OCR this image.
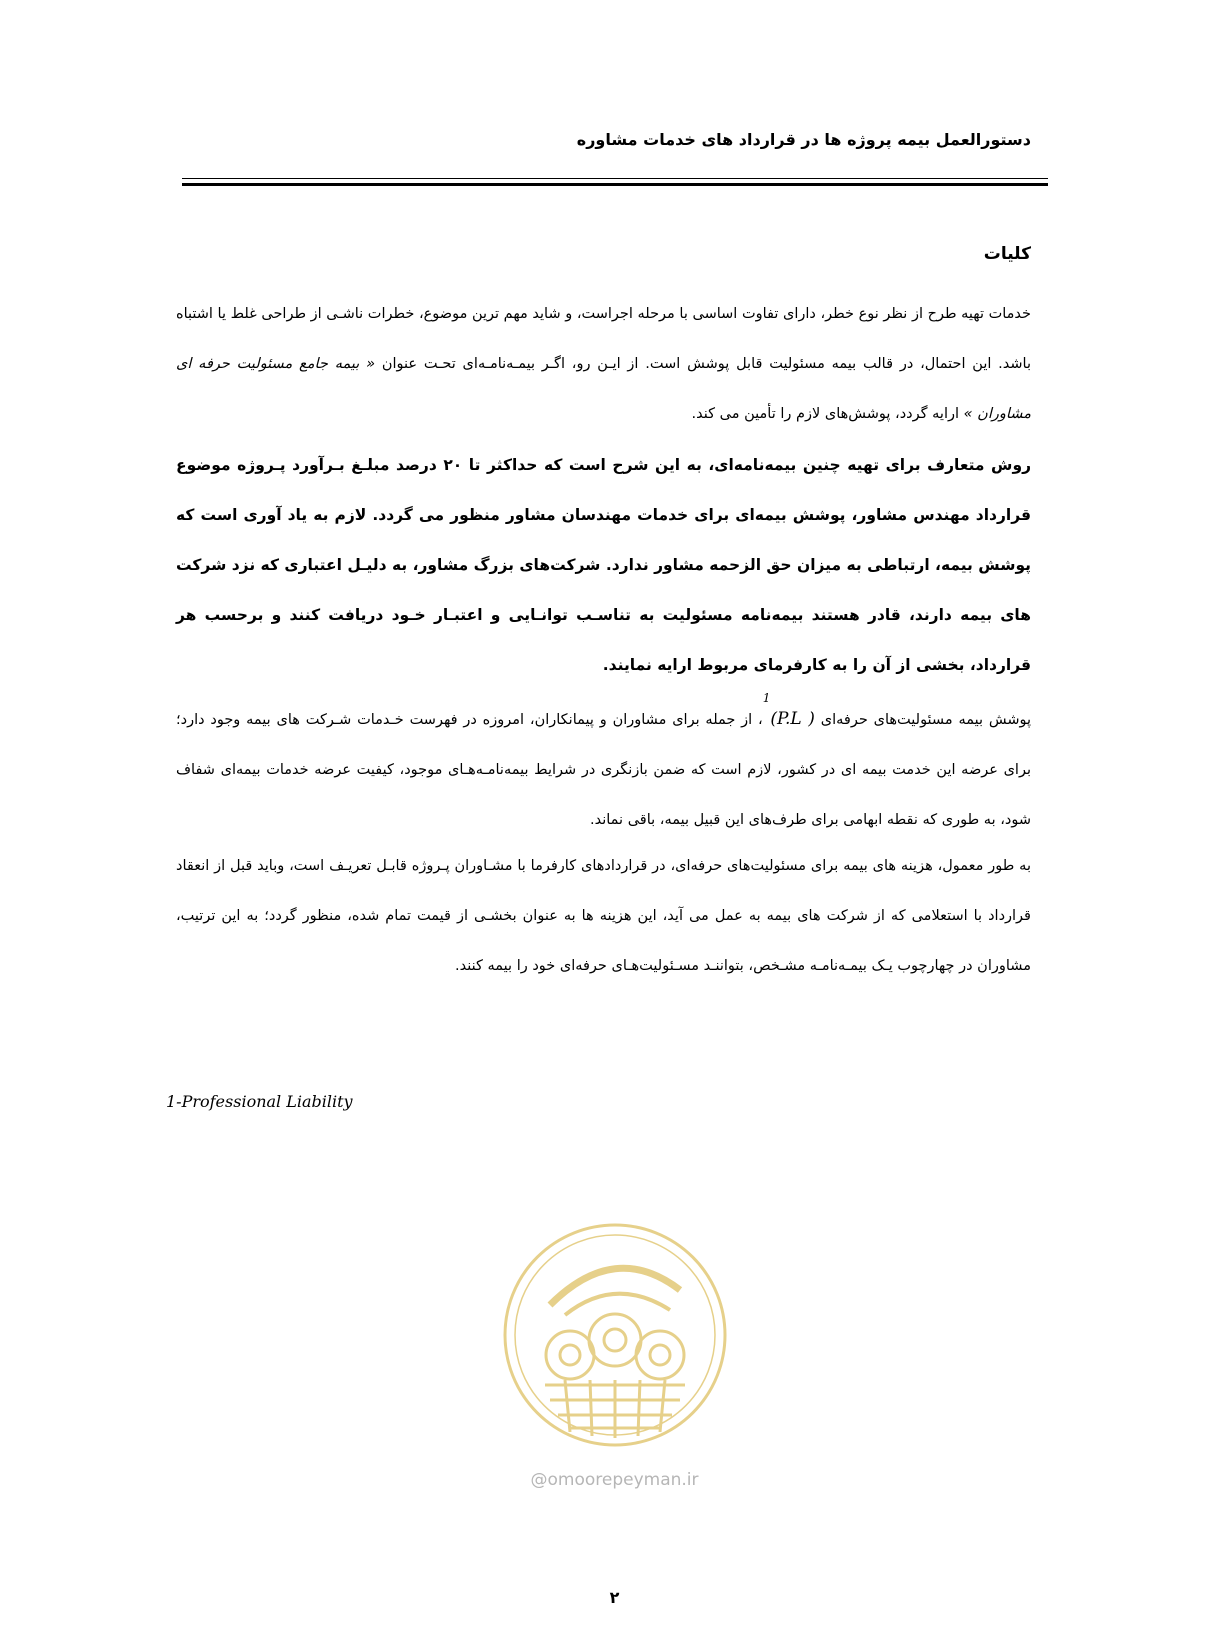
دستورالعمل بیمه پروژه ها در قرارداد های خدمات مشاوره
کلیات

خدمات تهیه طرح از نظر نوع خطر، دارای تفاوت اساسی با مرحله اجراست، و شاید مهم ترین موضوع، خطرات ناشـی از طراحی غلط یا اشتباه باشد. این احتمال، در قالب بیمه مسئولیت قابل پوشش است. از ایـن رو، اگـر بیمـه‌نامـه‌ای تحـت عنوان « بیمه جامع مسئولیت حرفه ای مشاوران » ارایه گردد، پوشش‌های لازم را تأمین می کند.

روش متعارف برای تهیه چنین بیمه‌نامه‌ای، به این شرح است که حداکثر تا ۲۰ درصد مبلـغ بـرآورد پـروژه موضوع قرارداد مهندس مشاور، پوشش بیمه‌ای برای خدمات مهندسان مشاور منظور می گردد. لازم به یاد آوری است که پوشش بیمه، ارتباطی به میزان حق الزحمه مشاور ندارد. شرکت‌های بزرگ مشاور، به دلیـل اعتباری که نزد شرکت های بیمه دارند، قادر هستند بیمه‌نامه مسئولیت به تناسـب توانـایی و اعتبـار خـود دریافت کنند و برحسب هر قرارداد، بخشی از آن را به کارفرمای مربوط ارایه نمایند.

پوشش بیمه مسئولیت‌های حرفه‌ای (P.L )$^1$، از جمله برای مشاوران و پیمانکاران، امروزه در فهرست خـدمات شـرکت های بیمه وجود دارد؛ برای عرضه این خدمت بیمه ای در کشور، لازم است که ضمن بازنگری در شرایط بیمه‌نامـه‌هـای موجود، کیفیت عرضه خدمات بیمه‌ای شفاف شود، به طوری که نقطه ابهامی برای طرف‌های این قبیل بیمه، باقی نماند.

به طور معمول، هزینه های بیمه برای مسئولیت‌های حرفه‌ای، در قراردادهای کارفرما با مشـاوران پـروژه قابـل تعریـف است، وباید قبل از انعقاد قرارداد با استعلامی که از شرکت های بیمه به عمل می آید، این هزینه ها به عنوان بخشـی از قیمت تمام شده، منظور گردد؛ به این ترتیب، مشاوران در چهارچوب یـک بیمـه‌نامـه مشـخص، بتواننـد مسـئولیت‌هـای حرفه‌ای خود را بیمه کنند.

1-Professional Liability
@omoorepeyman.ir
۲
